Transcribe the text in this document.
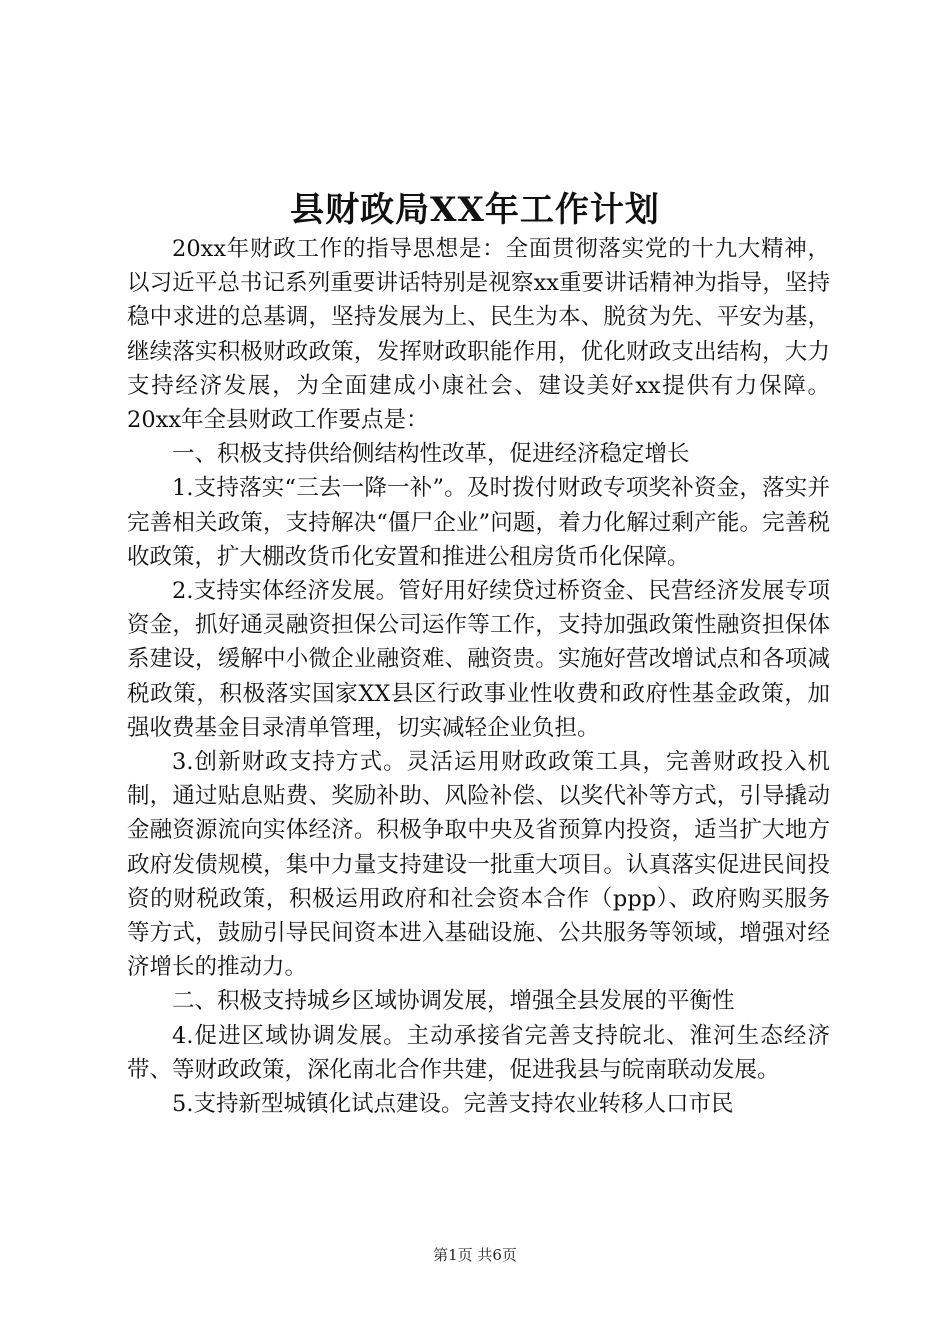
县财政局XX年工作计划

20xx年财政工作的指导思想是：全面贯彻落实党的十九大精神，以习近平总书记系列重要讲话特别是视察xx重要讲话精神为指导，坚持稳中求进的总基调，坚持发展为上、民生为本、脱贫为先、平安为基，继续落实积极财政政策，发挥财政职能作用，优化财政支出结构，大力支持经济发展，为全面建成小康社会、建设美好xx提供有力保障。20xx年全县财政工作要点是：

一、积极支持供给侧结构性改革，促进经济稳定增长

1.支持落实“三去一降一补”。及时拨付财政专项奖补资金，落实并完善相关政策，支持解决“僵尸企业”问题，着力化解过剩产能。完善税收政策，扩大棚改货币化安置和推进公租房货币化保障。

2.支持实体经济发展。管好用好续贷过桥资金、民营经济发展专项资金，抓好通灵融资担保公司运作等工作，支持加强政策性融资担保体系建设，缓解中小微企业融资难、融资贵。实施好营改增试点和各项减税政策，积极落实国家XX县区行政事业性收费和政府性基金政策，加强收费基金目录清单管理，切实减轻企业负担。

3.创新财政支持方式。灵活运用财政政策工具，完善财政投入机制，通过贴息贴费、奖励补助、风险补偿、以奖代补等方式，引导撬动金融资源流向实体经济。积极争取中央及省预算内投资，适当扩大地方政府发债规模，集中力量支持建设一批重大项目。认真落实促进民间投资的财税政策，积极运用政府和社会资本合作（ppp）、政府购买服务等方式，鼓励引导民间资本进入基础设施、公共服务等领域，增强对经济增长的推动力。

二、积极支持城乡区域协调发展，增强全县发展的平衡性

4.促进区域协调发展。主动承接省完善支持皖北、淮河生态经济带、等财政政策，深化南北合作共建，促进我县与皖南联动发展。

5.支持新型城镇化试点建设。完善支持农业转移人口市民

第1页 共6页
